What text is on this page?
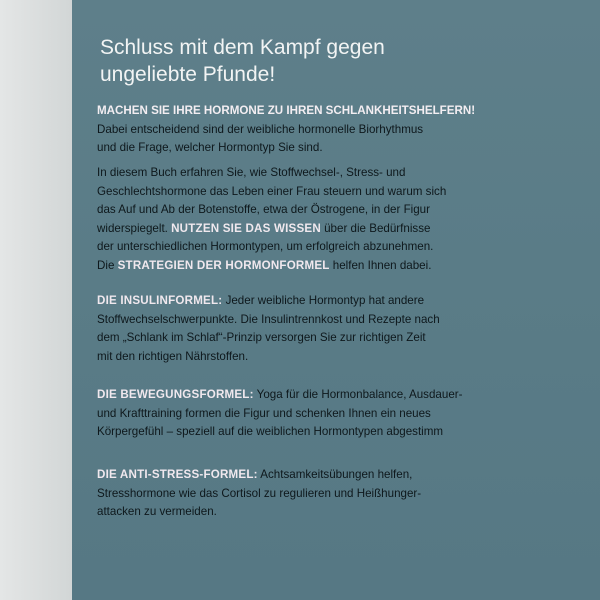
Schluss mit dem Kampf gegen
ungeliebte Pfunde!

MACHEN SIE IHRE HORMONE ZU IHREN SCHLANKHEITSHELFERN!
Dabei entscheidend sind der weibliche hormonelle Biorhythmus
und die Frage, welcher Hormontyp Sie sind.

In diesem Buch erfahren Sie, wie Stoffwechsel-, Stress- und
Geschlechtshormone das Leben einer Frau steuern und warum sich
das Auf und Ab der Botenstoffe, etwa der Östrogene, in der Figur
widerspiegelt. NUTZEN SIE DAS WISSEN über die Bedürfnisse
der unterschiedlichen Hormontypen, um erfolgreich abzunehmen.
Die STRATEGIEN DER HORMONFORMEL helfen Ihnen dabei.

DIE INSULINFORMEL: Jeder weibliche Hormontyp hat andere
Stoffwechselschwerpunkte. Die Insulintrennkost und Rezepte nach
dem „Schlank im Schlaf“-Prinzip versorgen Sie zur richtigen Zeit
mit den richtigen Nährstoffen.

DIE BEWEGUNGSFORMEL: Yoga für die Hormonbalance, Ausdauer-
und Krafttraining formen die Figur und schenken Ihnen ein neues
Körpergefühl – speziell auf die weiblichen Hormontypen abgestimm

DIE ANTI-STRESS-FORMEL: Achtsamkeitsübungen helfen,
Stresshormone wie das Cortisol zu regulieren und Heißhunger-
attacken zu vermeiden.
